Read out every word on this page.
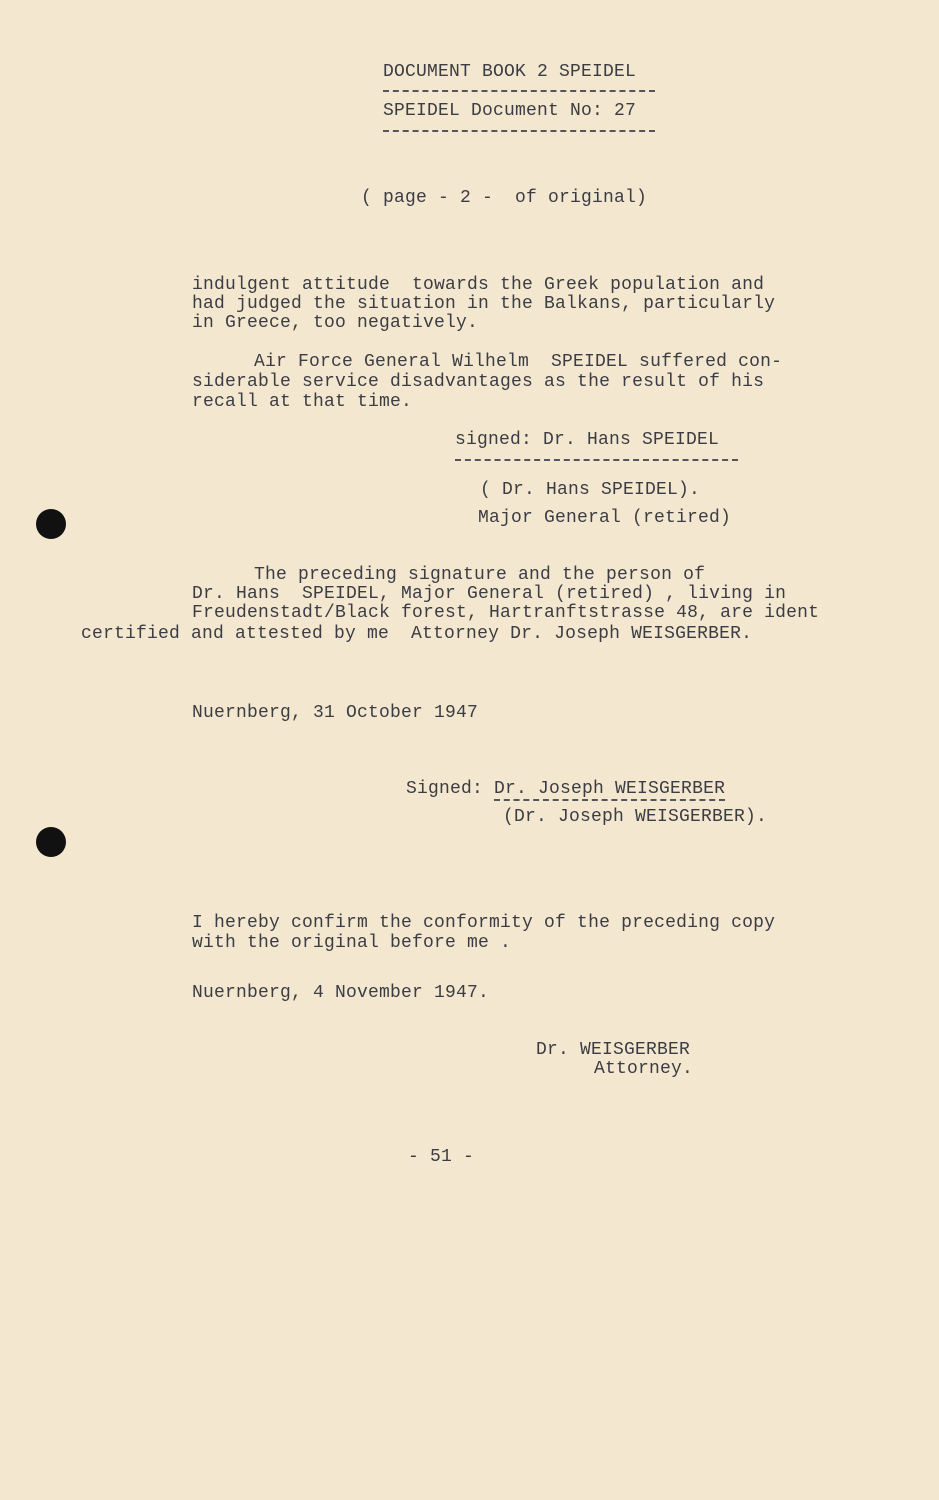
DOCUMENT BOOK 2 SPEIDEL
SPEIDEL Document No: 27
( page - 2 -  of original)
indulgent attitude  towards the Greek population and
had judged the situation in the Balkans, particularly
in Greece, too negatively.
Air Force General Wilhelm  SPEIDEL suffered con-
siderable service disadvantages as the result of his
recall at that time.
signed: Dr. Hans SPEIDEL
( Dr. Hans SPEIDEL).
Major General (retired)
The preceding signature and the person of
Dr. Hans  SPEIDEL, Major General (retired) , living in
Freudenstadt/Black forest, Hartranftstrasse 48, are ident
certified and attested by me  Attorney Dr. Joseph WEISGERBER.
Nuernberg, 31 October 1947
Signed: Dr. Joseph WEISGERBER
(Dr. Joseph WEISGERBER).
I hereby confirm the conformity of the preceding copy
with the original before me .
Nuernberg, 4 November 1947.
Dr. WEISGERBER
Attorney.
- 51 -
